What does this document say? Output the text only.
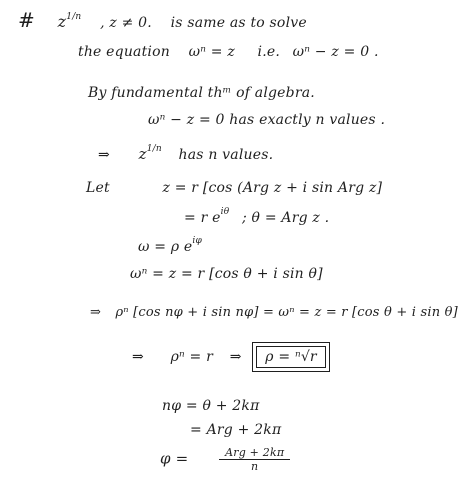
# $z^{1/n}$ , z ≠ 0. is same as to solve
the equation ωⁿ = z i.e. ωⁿ − z = 0 .
By fundamental thᵐ of algebra.
ωⁿ − z = 0 has exactly n values .
⇒ $z^{1/n}$ has n values.
Let	z = r [cos (Arg z + i sin Arg z]
= r $e^{i\theta}$ ; θ = Arg z .
ω = ρ $e^{i\varphi}$
ωⁿ = z = r [cos θ + i sin θ]
⇒ ρⁿ [cos nφ + i sin nφ] = ωⁿ = z = r [cos θ + i sin θ]
⇒ ρⁿ = r ⇒ ρ = ⁿ√r
nφ = θ + 2kπ
= Arg + 2kπ
φ =	$\frac{\text{Arg + 2kπ}}{n}$
